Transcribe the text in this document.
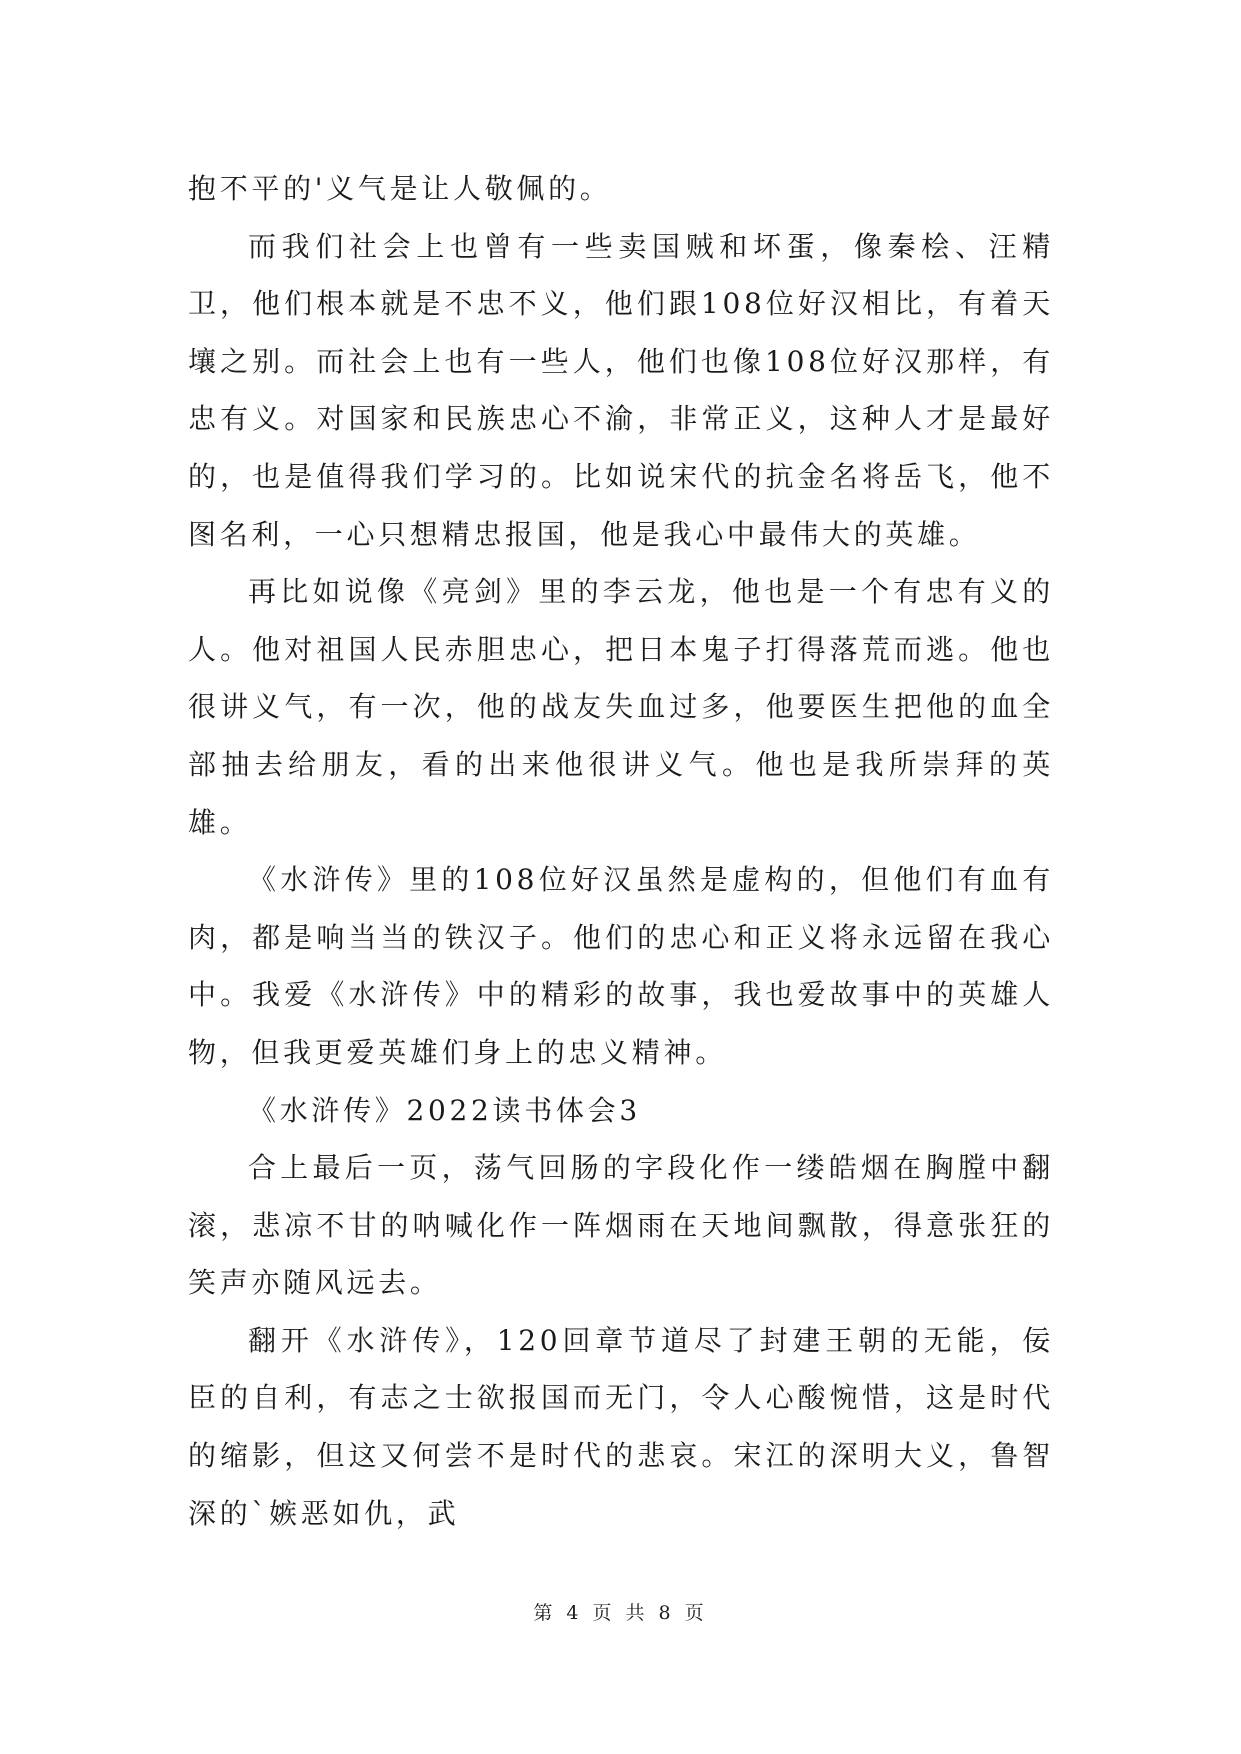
抱不平的'义气是让人敬佩的。

而我们社会上也曾有一些卖国贼和坏蛋，像秦桧、汪精卫，他们根本就是不忠不义，他们跟108位好汉相比，有着天壤之别。而社会上也有一些人，他们也像108位好汉那样，有忠有义。对国家和民族忠心不渝，非常正义，这种人才是最好的，也是值得我们学习的。比如说宋代的抗金名将岳飞，他不图名利，一心只想精忠报国，他是我心中最伟大的英雄。

再比如说像《亮剑》里的李云龙，他也是一个有忠有义的人。他对祖国人民赤胆忠心，把日本鬼子打得落荒而逃。他也很讲义气，有一次，他的战友失血过多，他要医生把他的血全部抽去给朋友，看的出来他很讲义气。他也是我所崇拜的英雄。

《水浒传》里的108位好汉虽然是虚构的，但他们有血有肉，都是响当当的铁汉子。他们的忠心和正义将永远留在我心中。我爱《水浒传》中的精彩的故事，我也爱故事中的英雄人物，但我更爱英雄们身上的忠义精神。

《水浒传》2022读书体会3

合上最后一页，荡气回肠的字段化作一缕皓烟在胸膛中翻滚，悲凉不甘的呐喊化作一阵烟雨在天地间飘散，得意张狂的笑声亦随风远去。

翻开《水浒传》，120回章节道尽了封建王朝的无能，佞臣的自利，有志之士欲报国而无门，令人心酸惋惜，这是时代的缩影，但这又何尝不是时代的悲哀。宋江的深明大义，鲁智深的`嫉恶如仇，武

第 4 页 共 8 页
